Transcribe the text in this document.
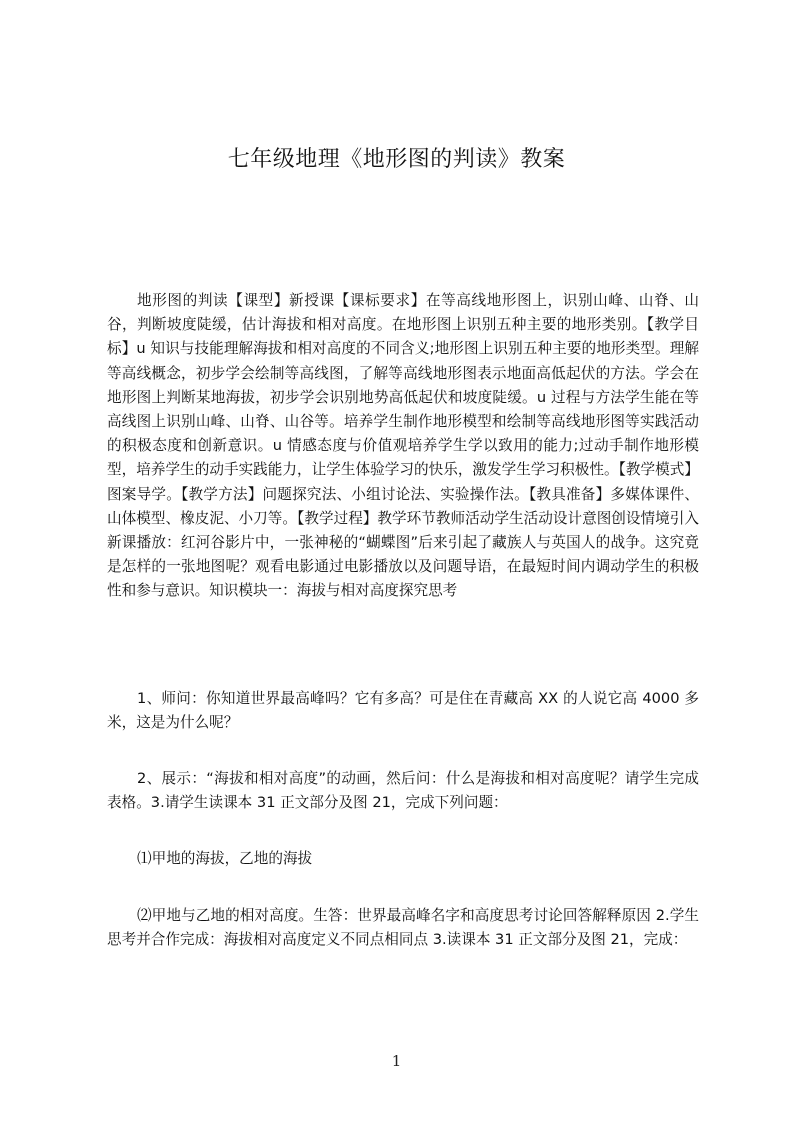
七年级地理《地形图的判读》教案

地形图的判读【课型】新授课【课标要求】在等高线地形图上，识别山峰、山脊、山谷，判断坡度陡缓，估计海拔和相对高度。在地形图上识别五种主要的地形类别。【教学目标】u 知识与技能理解海拔和相对高度的不同含义;地形图上识别五种主要的地形类型。理解等高线概念，初步学会绘制等高线图，了解等高线地形图表示地面高低起伏的方法。学会在地形图上判断某地海拔，初步学会识别地势高低起伏和坡度陡缓。u 过程与方法学生能在等高线图上识别山峰、山脊、山谷等。培养学生制作地形模型和绘制等高线地形图等实践活动的积极态度和创新意识。u 情感态度与价值观培养学生学以致用的能力;过动手制作地形模型，培养学生的动手实践能力，让学生体验学习的快乐，激发学生学习积极性。【教学模式】图案导学。【教学方法】问题探究法、小组讨论法、实验操作法。【教具准备】多媒体课件、山体模型、橡皮泥、小刀等。【教学过程】教学环节教师活动学生活动设计意图创设情境引入新课播放：红河谷影片中，一张神秘的“蝴蝶图”后来引起了藏族人与英国人的战争。这究竟是怎样的一张地图呢？观看电影通过电影播放以及问题导语，在最短时间内调动学生的积极性和参与意识。知识模块一：海拔与相对高度探究思考

1、师问：你知道世界最高峰吗？它有多高？可是住在青藏高 XX 的人说它高 4000 多米，这是为什么呢？

2、展示：“海拔和相对高度”的动画，然后问：什么是海拔和相对高度呢？请学生完成表格。3.请学生读课本 31 正文部分及图 21，完成下列问题：

⑴甲地的海拔，乙地的海拔

⑵甲地与乙地的相对高度。生答：世界最高峰名字和高度思考讨论回答解释原因 2.学生思考并合作完成：海拔相对高度定义不同点相同点 3.读课本 31 正文部分及图 21，完成：

1
